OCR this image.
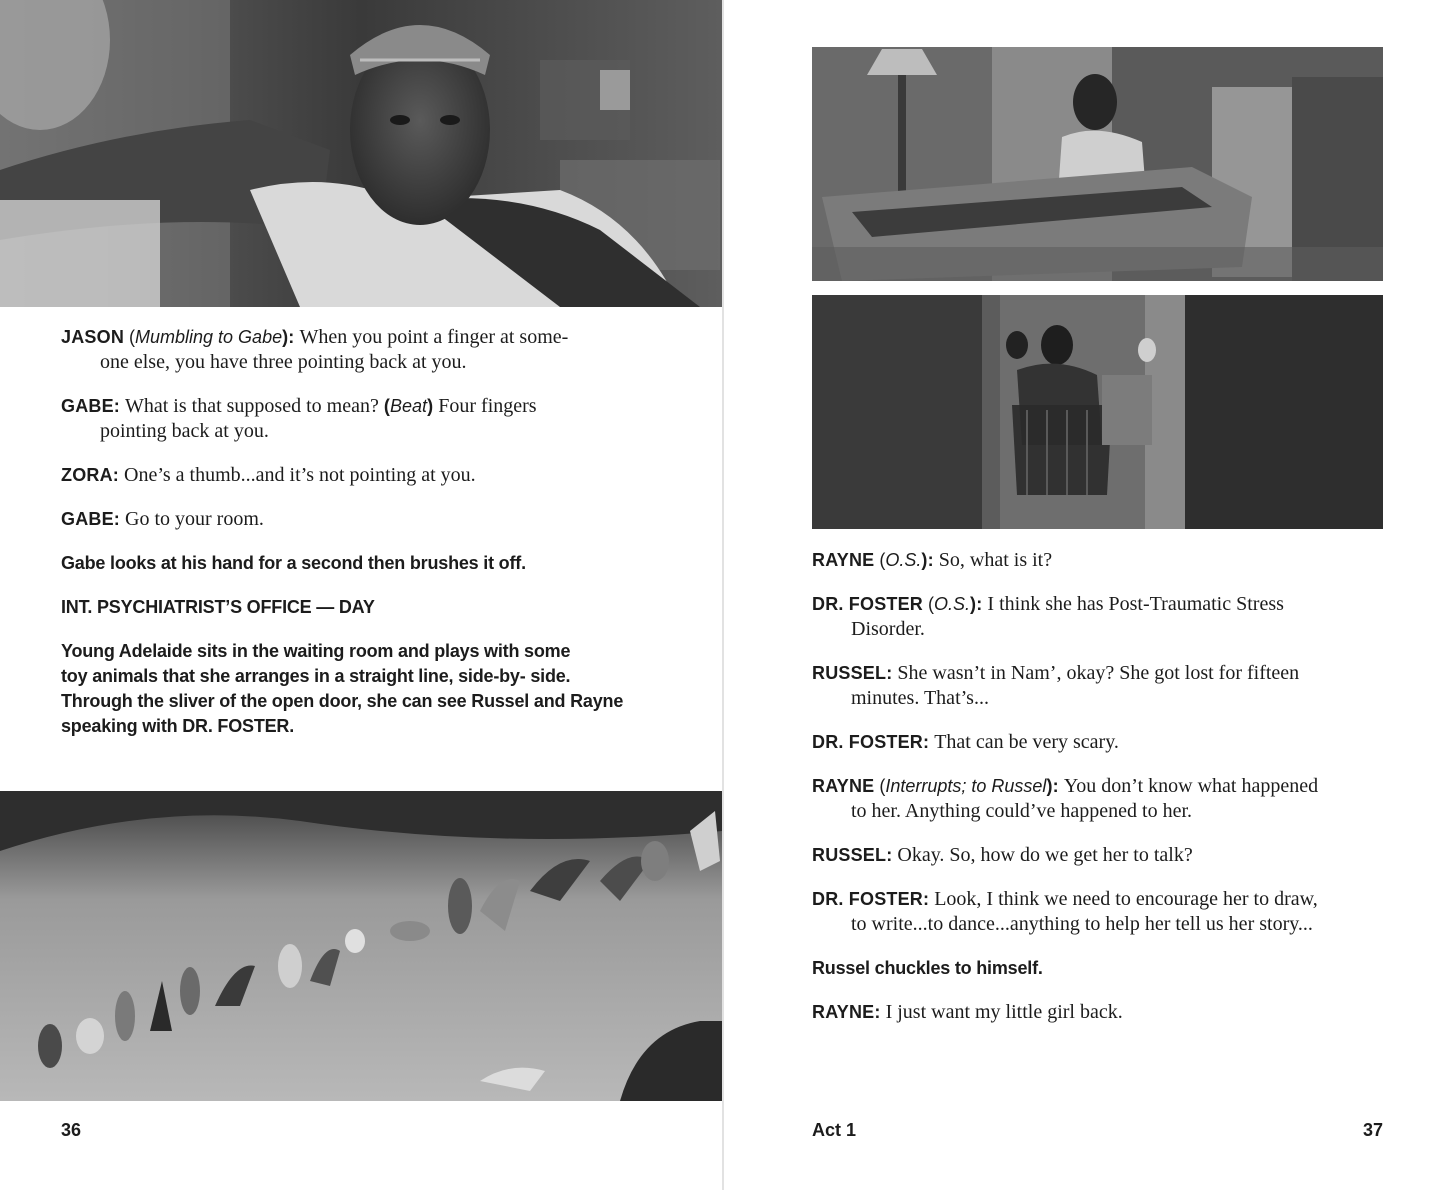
JASON (Mumbling to Gabe): When you point a finger at some-
one else, you have three pointing back at you.
GABE: What is that supposed to mean? (Beat) Four fingers
pointing back at you.
ZORA: One’s a thumb...and it’s not pointing at you.
GABE: Go to your room.
Gabe looks at his hand for a second then brushes it off.
INT. PSYCHIATRIST’S OFFICE — DAY
Young Adelaide sits in the waiting room and plays with some
toy animals that she arranges in a straight line, side-by- side.
Through the sliver of the open door, she can see Russel and Rayne
speaking with DR. FOSTER.
36
RAYNE (O.S.): So, what is it?
DR. FOSTER (O.S.): I think she has Post-Traumatic Stress
Disorder.
RUSSEL: She wasn’t in Nam’, okay? She got lost for fifteen
minutes. That’s...
DR. FOSTER: That can be very scary.
RAYNE (Interrupts; to Russel): You don’t know what happened
to her. Anything could’ve happened to her.
RUSSEL: Okay. So, how do we get her to talk?
DR. FOSTER: Look, I think we need to encourage her to draw,
to write...to dance...anything to help her tell us her story...
Russel chuckles to himself.
RAYNE: I just want my little girl back.
Act 1	37
